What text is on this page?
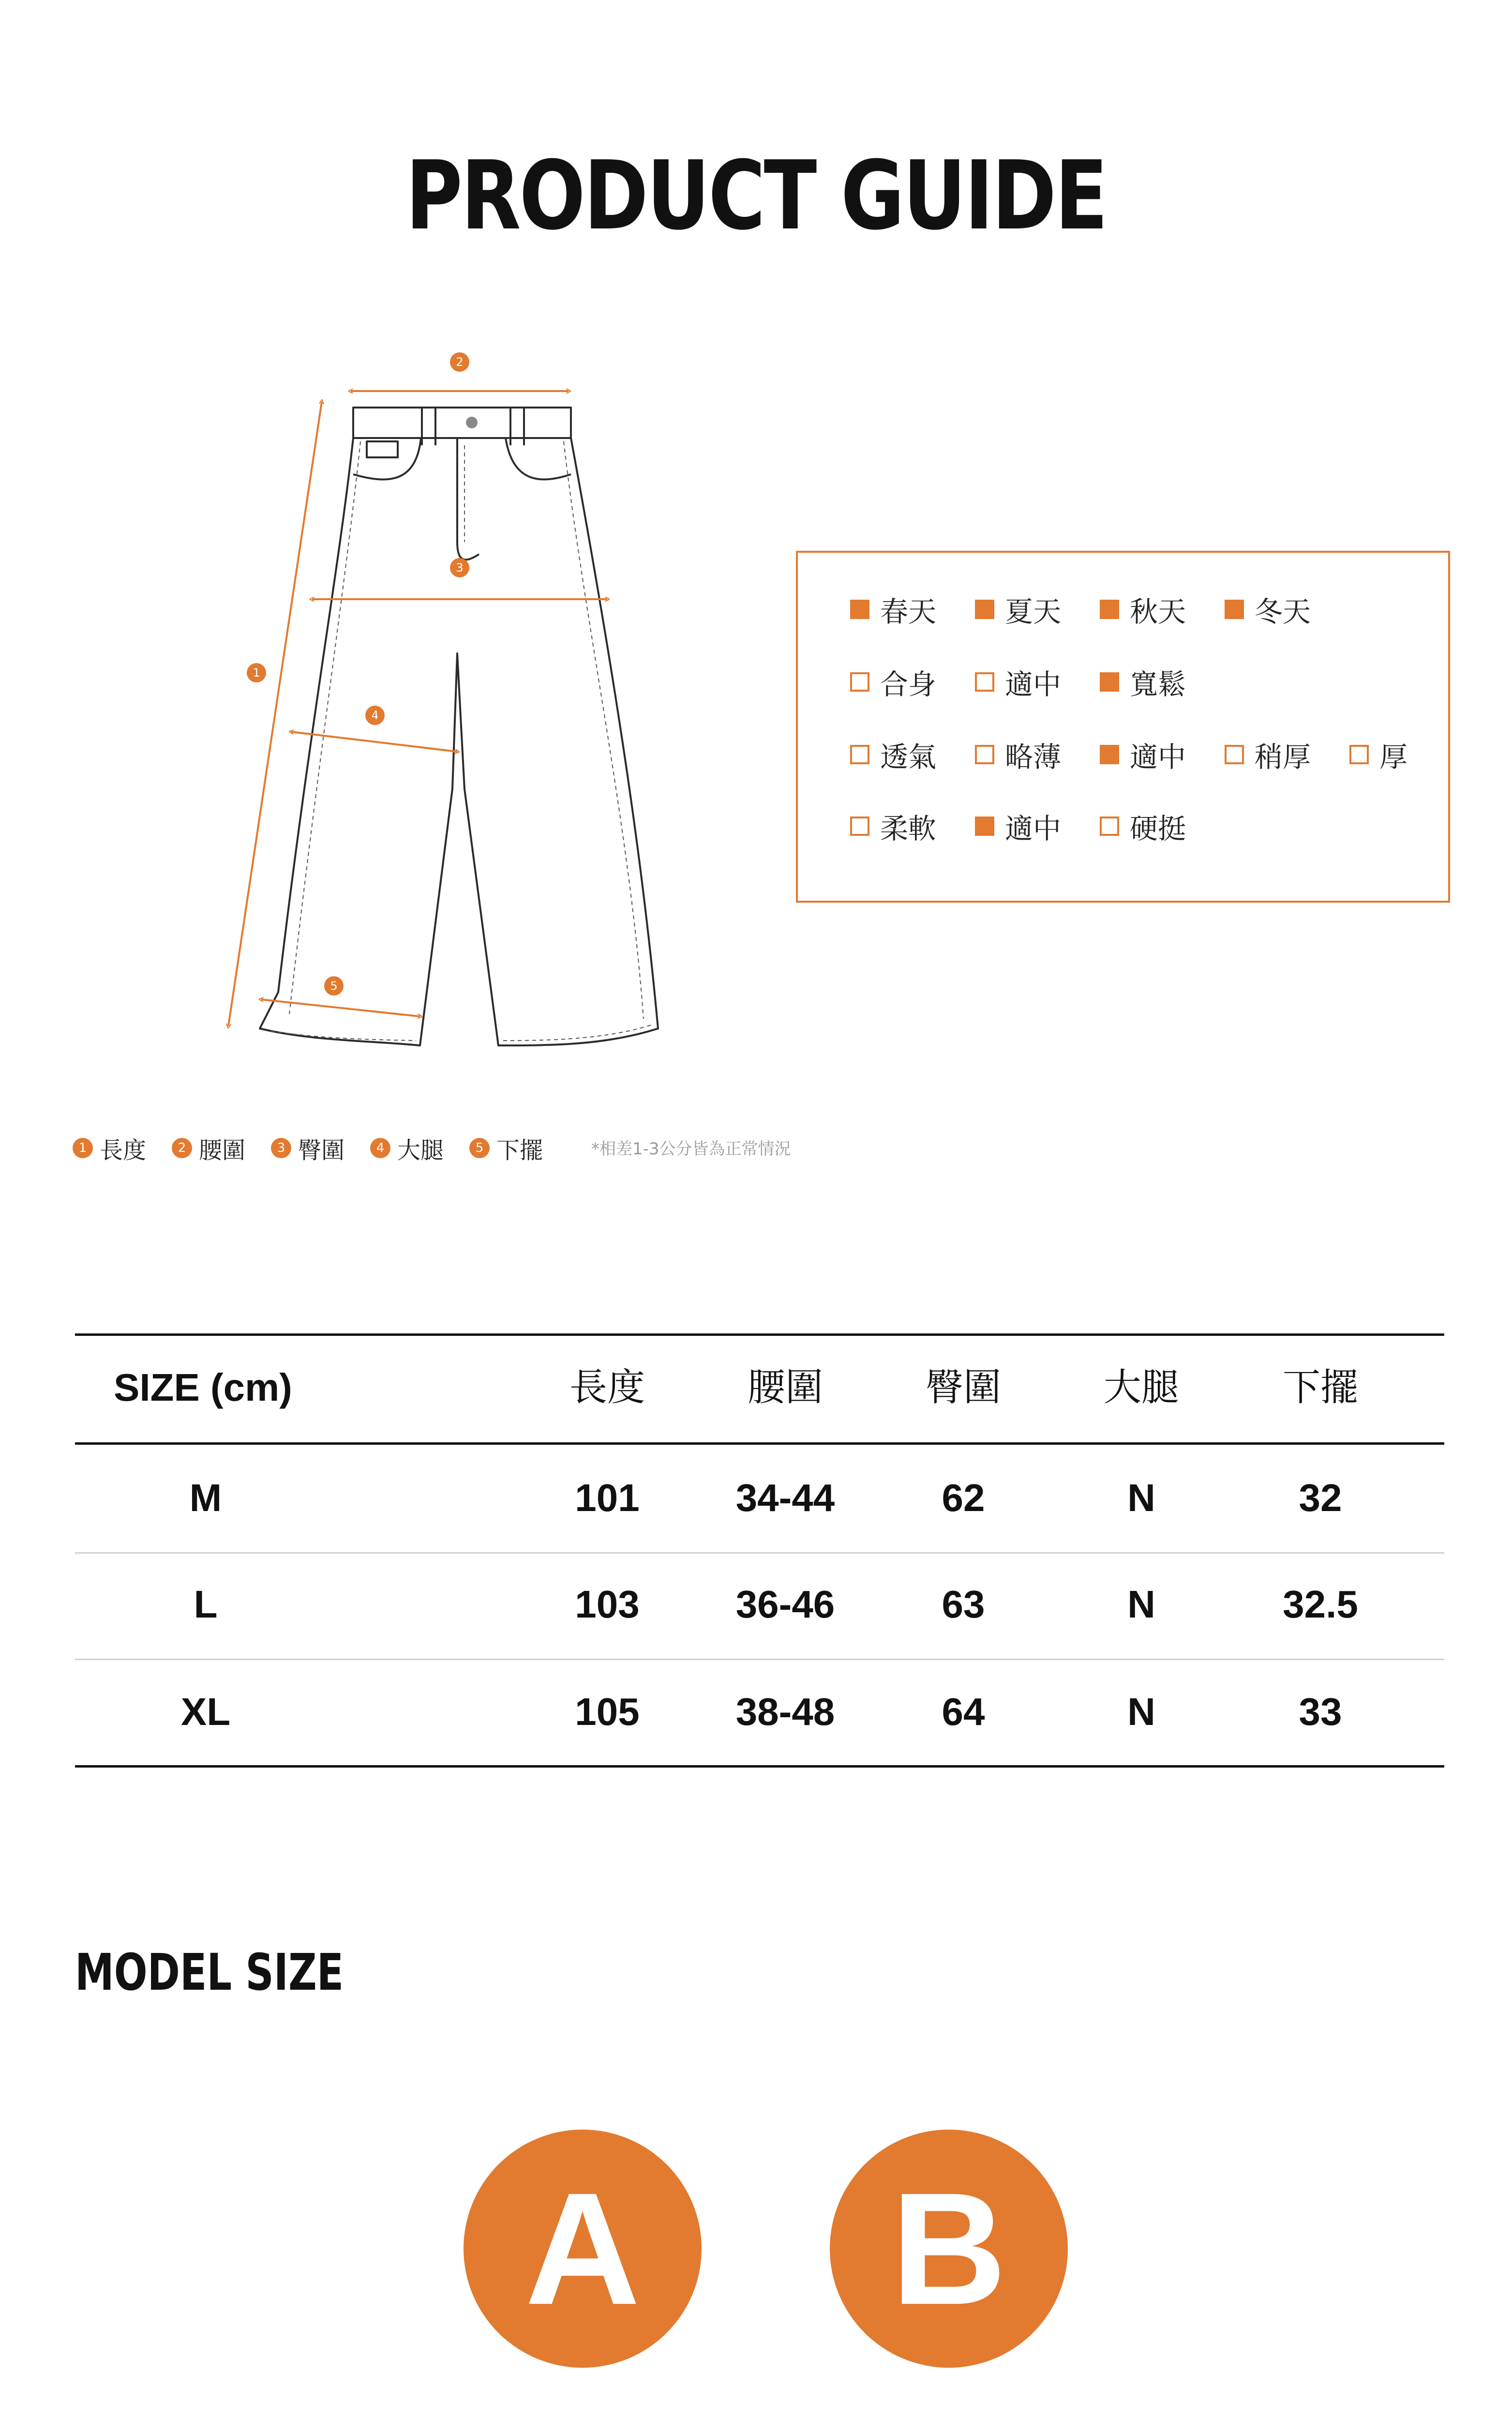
PRODUCT GUIDE
1
2
3
4
5
春天 夏天 秋天 冬天
合身 適中 寬鬆
透氣 略薄 適中 稍厚 厚
柔軟 適中 硬挺
1 長度	2 腰圍	3 臀圍	4 大腿	5 下擺	*相差1-3公分皆為正常情況
SIZE (cm)	長度	腰圍	臀圍	大腿	下擺
M	101	34-44	62	N	32
L	103	36-46	63	N	32.5
XL	105	38-48	64	N	33
MODEL SIZE
A	B
